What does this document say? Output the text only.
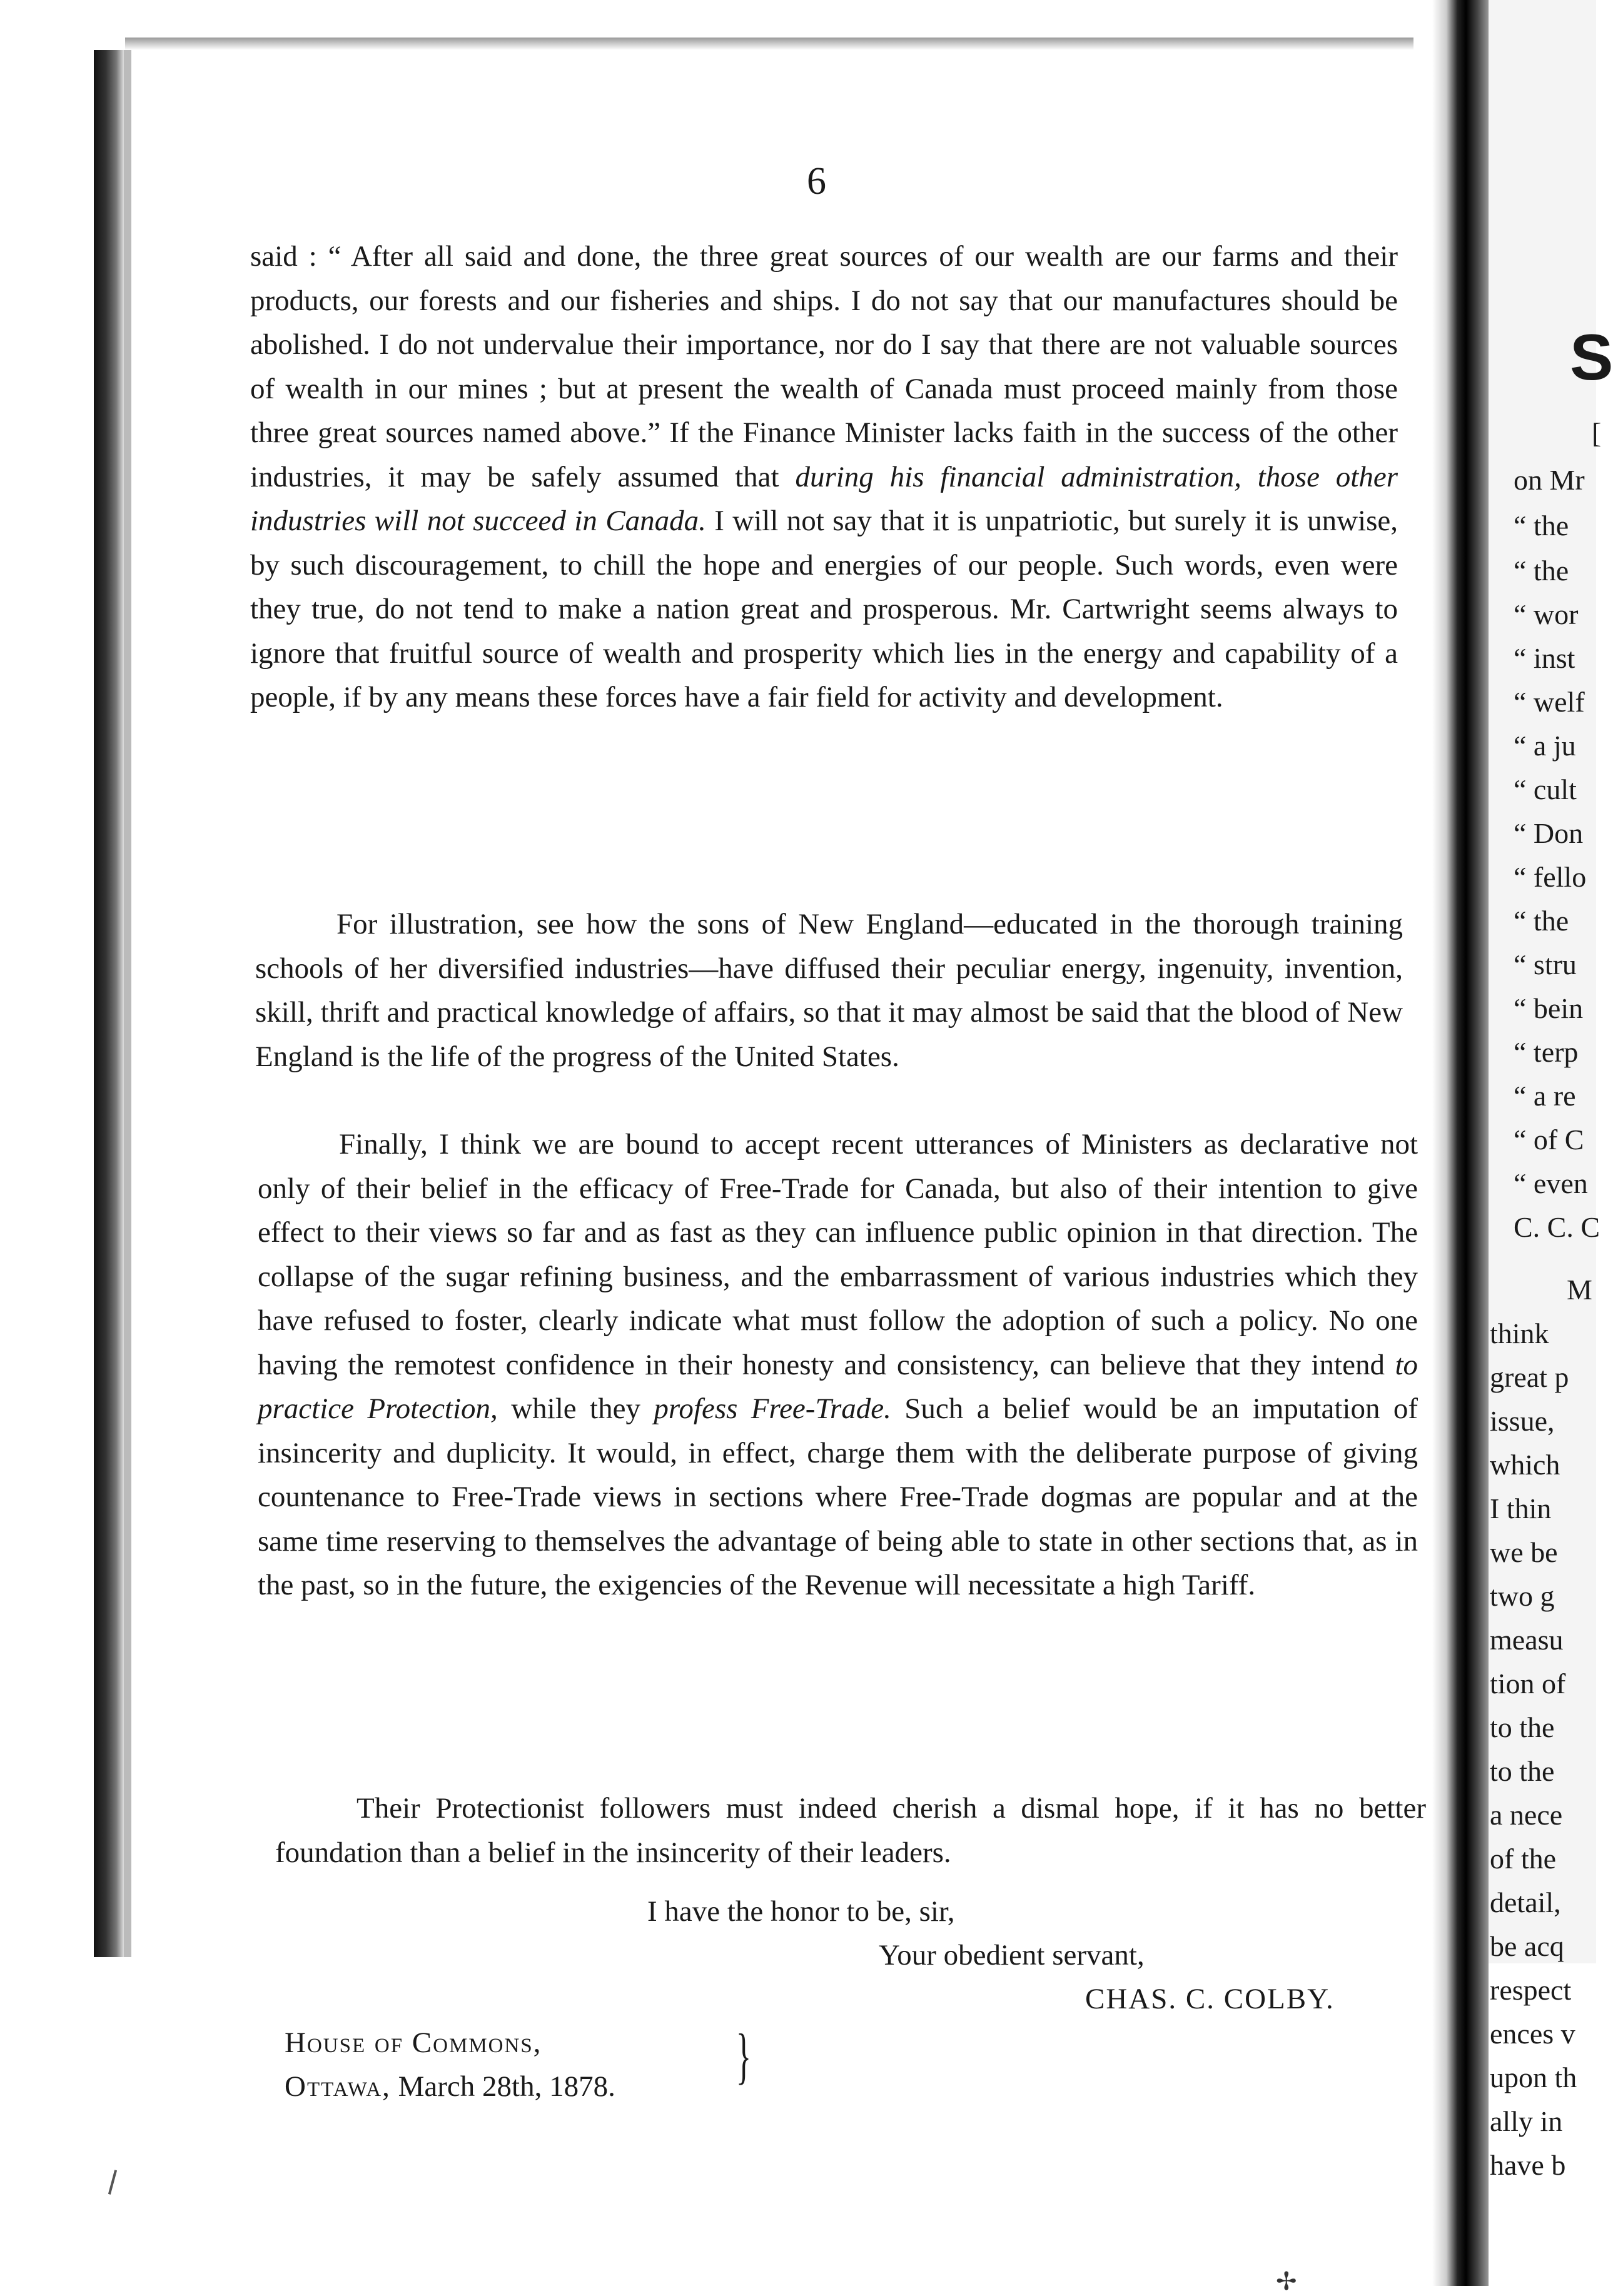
6

said : “ After all said and done, the three great sources of our wealth are our farms and their products, our forests and our fisheries and ships. I do not say that our manufactures should be abolished. I do not undervalue their importance, nor do I say that there are not valuable sources of wealth in our mines ; but at present the wealth of Canada must proceed mainly from those three great sources named above.” If the Finance Minister lacks faith in the success of the other industries, it may be safely assumed that during his financial administration, those other industries will not succeed in Canada. I will not say that it is unpatriotic, but surely it is unwise, by such discouragement, to chill the hope and energies of our people. Such words, even were they true, do not tend to make a nation great and prosperous. Mr. Cartwright seems always to ignore that fruitful source of wealth and prosperity which lies in the energy and capability of a people, if by any means these forces have a fair field for activity and development.

For illustration, see how the sons of New England—educated in the thorough training schools of her diversified industries—have diffused their peculiar energy, ingenuity, invention, skill, thrift and practical knowledge of affairs, so that it may almost be said that the blood of New England is the life of the progress of the United States.

Finally, I think we are bound to accept recent utterances of Ministers as declarative not only of their belief in the efficacy of Free-Trade for Canada, but also of their intention to give effect to their views so far and as fast as they can influence public opinion in that direction. The collapse of the sugar refining business, and the embarrassment of various industries which they have refused to foster, clearly indicate what must follow the adoption of such a policy. No one having the remotest confidence in their honesty and consistency, can believe that they intend to practice Protection, while they profess Free-Trade. Such a belief would be an imputation of insincerity and duplicity. It would, in effect, charge them with the deliberate purpose of giving countenance to Free-Trade views in sections where Free-Trade dogmas are popular and at the same time reserving to themselves the advantage of being able to state in other sections that, as in the past, so in the future, the exigencies of the Revenue will necessitate a high Tariff.

Their Protectionist followers must indeed cherish a dismal hope, if it has no better foundation than a belief in the insincerity of their leaders.

I have the honor to be, sir,
Your obedient servant,
CHAS. C. COLBY.
House of Commons,
Ottawa, March 28th, 1878. }
S
[
on Mr
“ the
“ the
“ wor
“ inst
“ welf
“ a ju
“ cult
“ Don
“ fello
“ the
“ stru
“ bein
“ terp
“ a re
“ of C
“ even
C. C. C
M
think
great p
issue,
which
I thin
we be
two g
measu
tion of
to the
to the
a nece
of the
detail,
be acq
respect
ences v
upon th
ally in
have b
✢
